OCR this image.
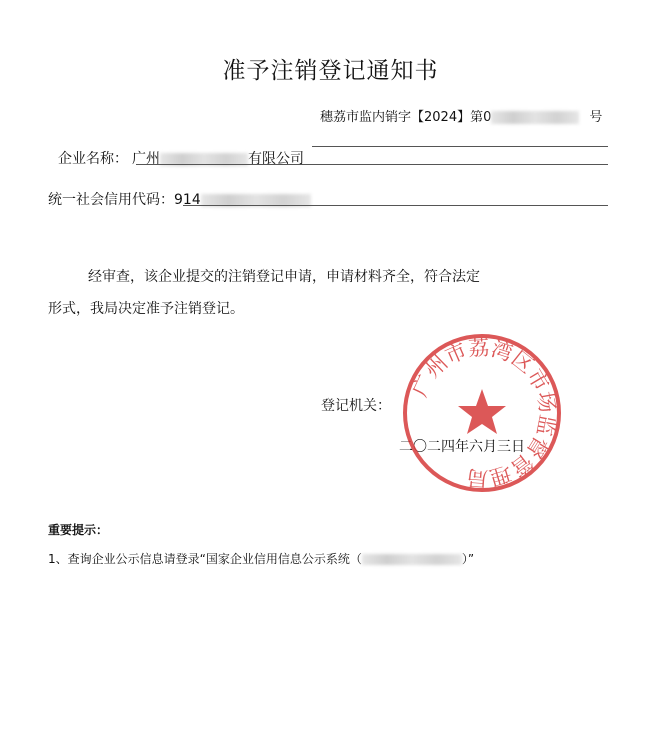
准予注销登记通知书
穗荔市监内销字【2024】第0	号
企业名称： 广州	有限公司
统一社会信用代码：914
经审查，该企业提交的注销登记申请，申请材料齐全，符合法定
形式，我局决定准予注销登记。
登记机关：
二〇二四年六月三日
广州市荔湾区市场监督管理局
重要提示：
1、查询企业公示信息请登录“国家企业信用信息公示系统（	）”
